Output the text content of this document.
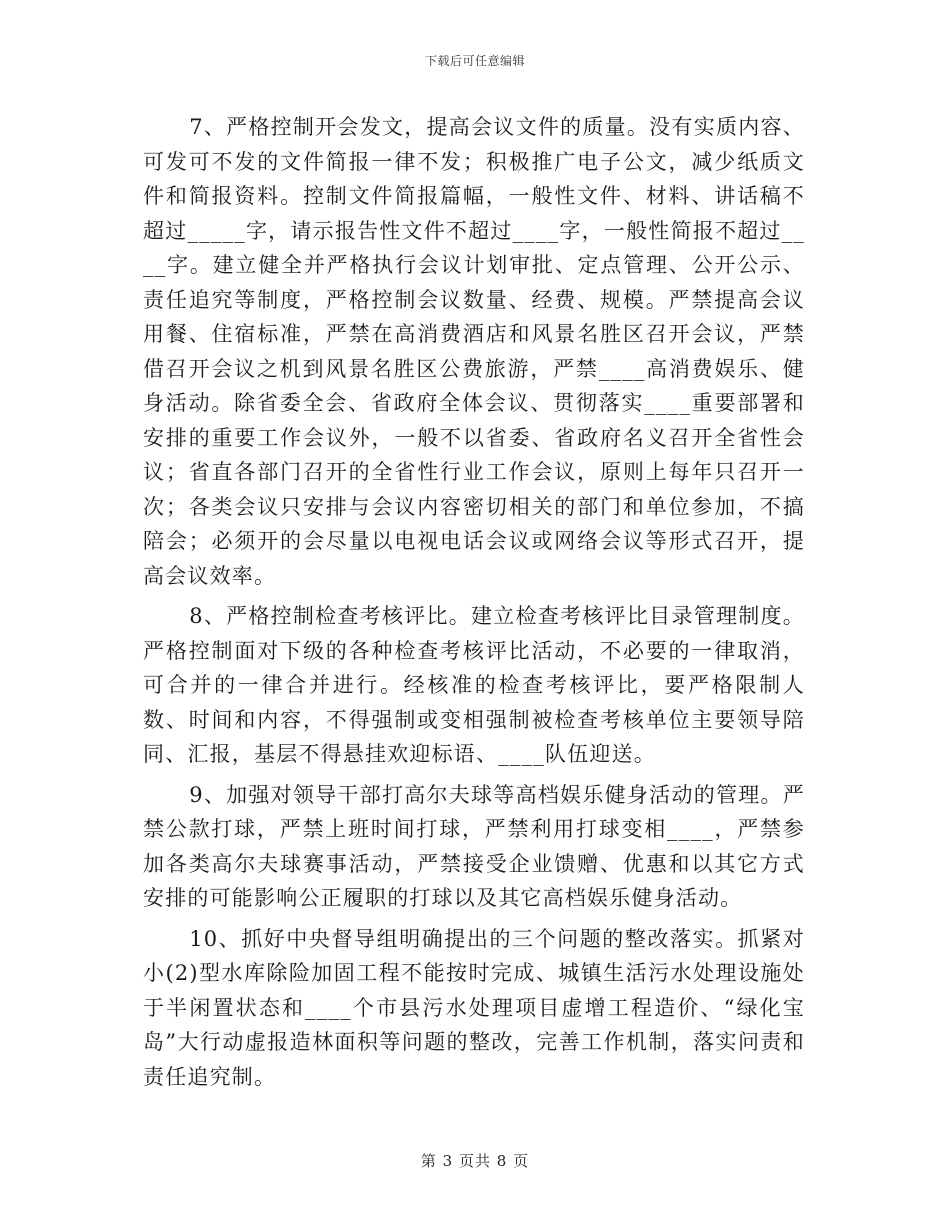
下载后可任意编辑

7、严格控制开会发文，提高会议文件的质量。没有实质内容、可发可不发的文件简报一律不发；积极推广电子公文，减少纸质文件和简报资料。控制文件简报篇幅，一般性文件、材料、讲话稿不超过_____字，请示报告性文件不超过____字，一般性简报不超过____字。建立健全并严格执行会议计划审批、定点管理、公开公示、责任追究等制度，严格控制会议数量、经费、规模。严禁提高会议用餐、住宿标准，严禁在高消费酒店和风景名胜区召开会议，严禁借召开会议之机到风景名胜区公费旅游，严禁____高消费娱乐、健身活动。除省委全会、省政府全体会议、贯彻落实____重要部署和安排的重要工作会议外，一般不以省委、省政府名义召开全省性会议；省直各部门召开的全省性行业工作会议，原则上每年只召开一次；各类会议只安排与会议内容密切相关的部门和单位参加，不搞陪会；必须开的会尽量以电视电话会议或网络会议等形式召开，提高会议效率。

8、严格控制检查考核评比。建立检查考核评比目录管理制度。严格控制面对下级的各种检查考核评比活动，不必要的一律取消，可合并的一律合并进行。经核准的检查考核评比，要严格限制人数、时间和内容，不得强制或变相强制被检查考核单位主要领导陪同、汇报，基层不得悬挂欢迎标语、____队伍迎送。

9、加强对领导干部打高尔夫球等高档娱乐健身活动的管理。严禁公款打球，严禁上班时间打球，严禁利用打球变相____，严禁参加各类高尔夫球赛事活动，严禁接受企业馈赠、优惠和以其它方式安排的可能影响公正履职的打球以及其它高档娱乐健身活动。

10、抓好中央督导组明确提出的三个问题的整改落实。抓紧对小(2)型水库除险加固工程不能按时完成、城镇生活污水处理设施处于半闲置状态和____个市县污水处理项目虚增工程造价、“绿化宝岛”大行动虚报造林面积等问题的整改，完善工作机制，落实问责和责任追究制。

第 3 页共 8 页
